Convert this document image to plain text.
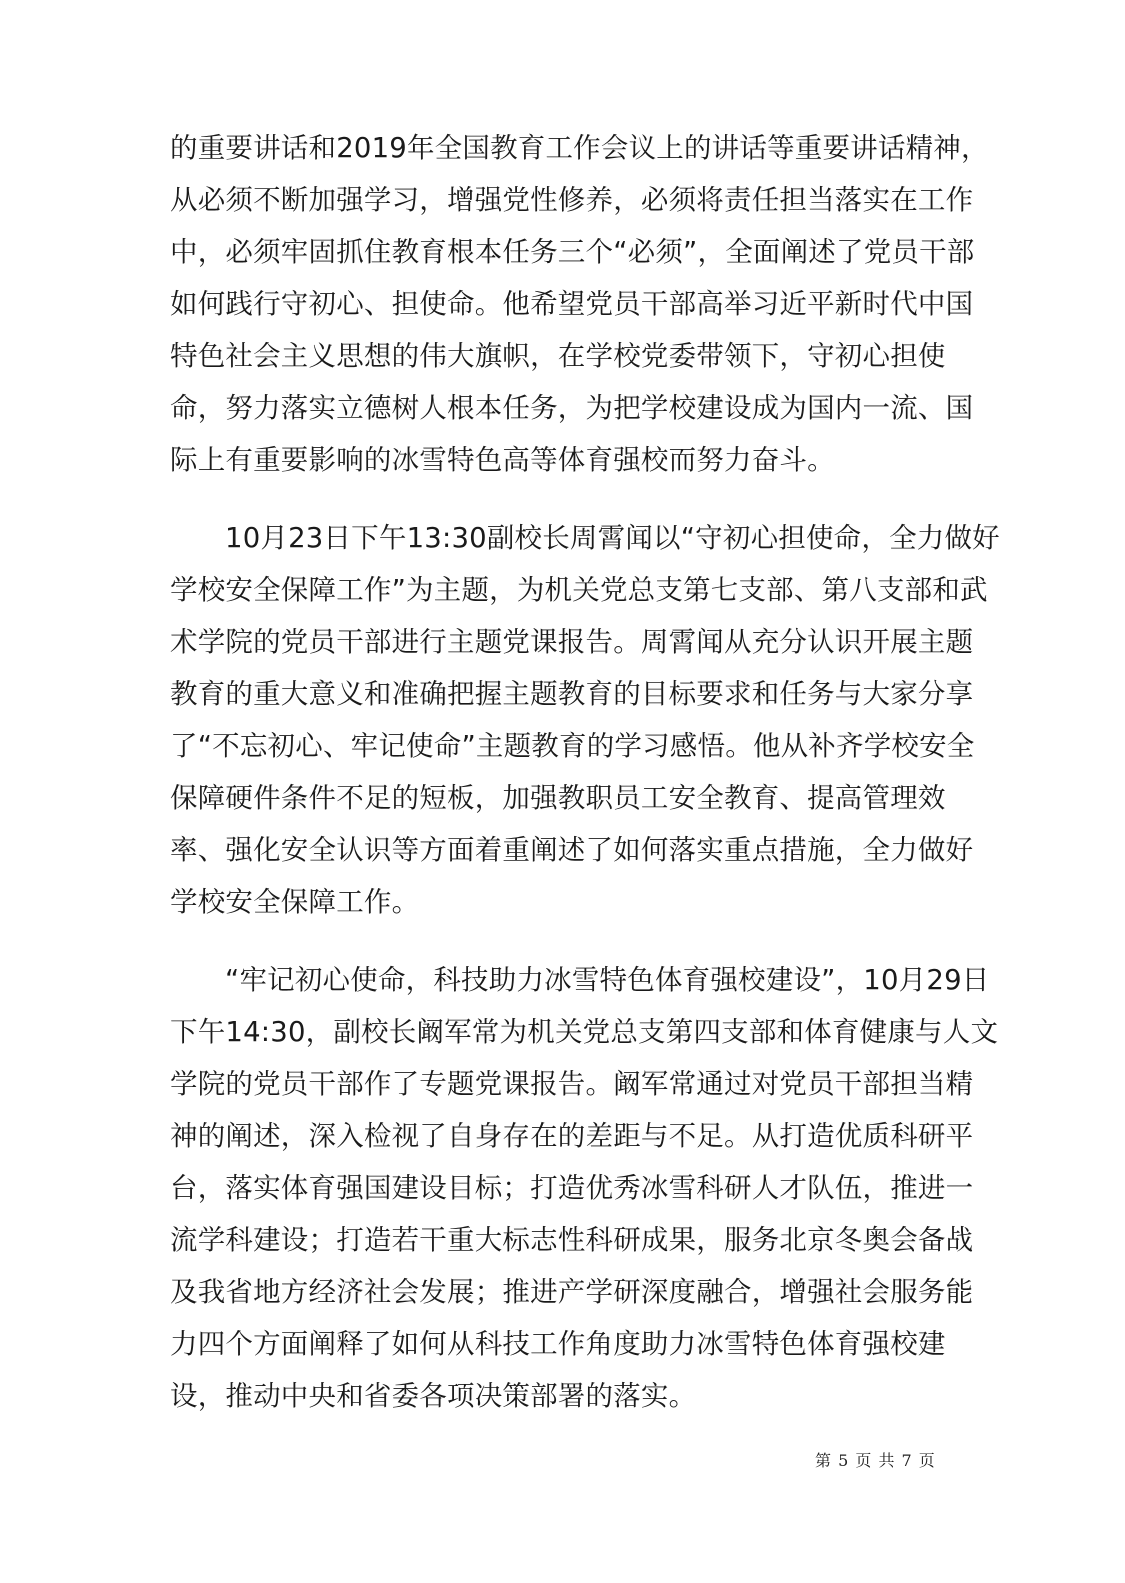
的重要讲话和2019年全国教育工作会议上的讲话等重要讲话精神，
从必须不断加强学习，增强党性修养，必须将责任担当落实在工作
中，必须牢固抓住教育根本任务三个“必须”，全面阐述了党员干部
如何践行守初心、担使命。他希望党员干部高举习近平新时代中国
特色社会主义思想的伟大旗帜，在学校党委带领下，守初心担使
命，努力落实立德树人根本任务，为把学校建设成为国内一流、国
际上有重要影响的冰雪特色高等体育强校而努力奋斗。
10月23日下午13:30副校长周霄闻以“守初心担使命，全力做好
学校安全保障工作”为主题，为机关党总支第七支部、第八支部和武
术学院的党员干部进行主题党课报告。周霄闻从充分认识开展主题
教育的重大意义和准确把握主题教育的目标要求和任务与大家分享
了“不忘初心、牢记使命”主题教育的学习感悟。他从补齐学校安全
保障硬件条件不足的短板，加强教职员工安全教育、提高管理效
率、强化安全认识等方面着重阐述了如何落实重点措施，全力做好
学校安全保障工作。
“牢记初心使命，科技助力冰雪特色体育强校建设”，10月29日
下午14:30，副校长阚军常为机关党总支第四支部和体育健康与人文
学院的党员干部作了专题党课报告。阚军常通过对党员干部担当精
神的阐述，深入检视了自身存在的差距与不足。从打造优质科研平
台，落实体育强国建设目标；打造优秀冰雪科研人才队伍，推进一
流学科建设；打造若干重大标志性科研成果，服务北京冬奥会备战
及我省地方经济社会发展；推进产学研深度融合，增强社会服务能
力四个方面阐释了如何从科技工作角度助力冰雪特色体育强校建
设，推动中央和省委各项决策部署的落实。
第 5 页 共 7 页
